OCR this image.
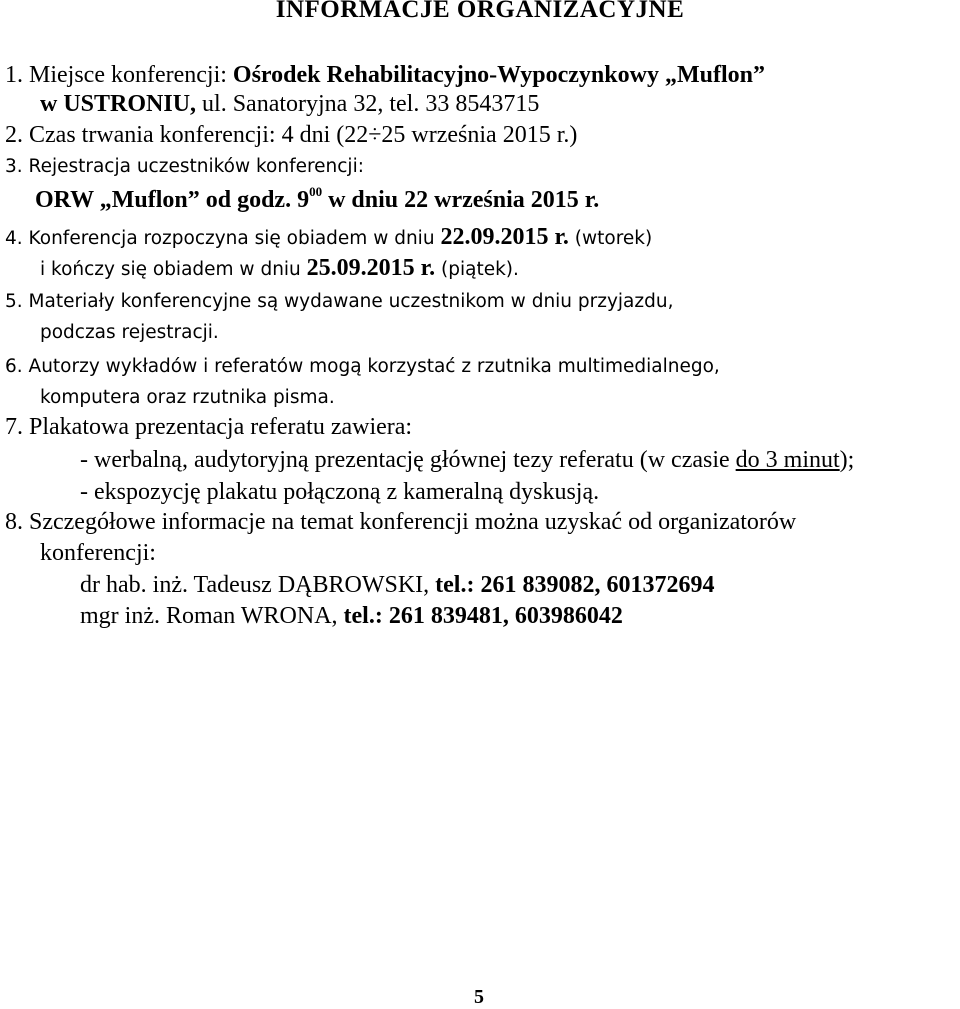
INFORMACJE ORGANIZACYJNE

1. Miejsce konferencji: Ośrodek Rehabilitacyjno-Wypoczynkowy „Muflon”

w USTRONIU, ul. Sanatoryjna 32, tel. 33 8543715

2. Czas trwania konferencji: 4 dni (22÷25 września 2015 r.)

3. Rejestracja uczestników konferencji:

ORW „Muflon” od godz. $9^{00}$ w dniu 22 września 2015 r.

4. Konferencja rozpoczyna się obiadem w dniu 22.09.2015 r. (wtorek)

i kończy się obiadem w dniu 25.09.2015 r. (piątek).

5. Materiały konferencyjne są wydawane uczestnikom w dniu przyjazdu,

podczas rejestracji.

6. Autorzy wykładów i referatów mogą korzystać z rzutnika multimedialnego,

komputera oraz rzutnika pisma.

7. Plakatowa prezentacja referatu zawiera:

- werbalną, audytoryjną prezentację głównej tezy referatu (w czasie do 3 minut);

- ekspozycję plakatu połączoną z kameralną dyskusją.

8. Szczegółowe informacje na temat konferencji można uzyskać od organizatorów

konferencji:

dr hab. inż. Tadeusz DĄBROWSKI, tel.: 261 839082, 601372694

mgr inż. Roman WRONA, tel.: 261 839481, 603986042

5
